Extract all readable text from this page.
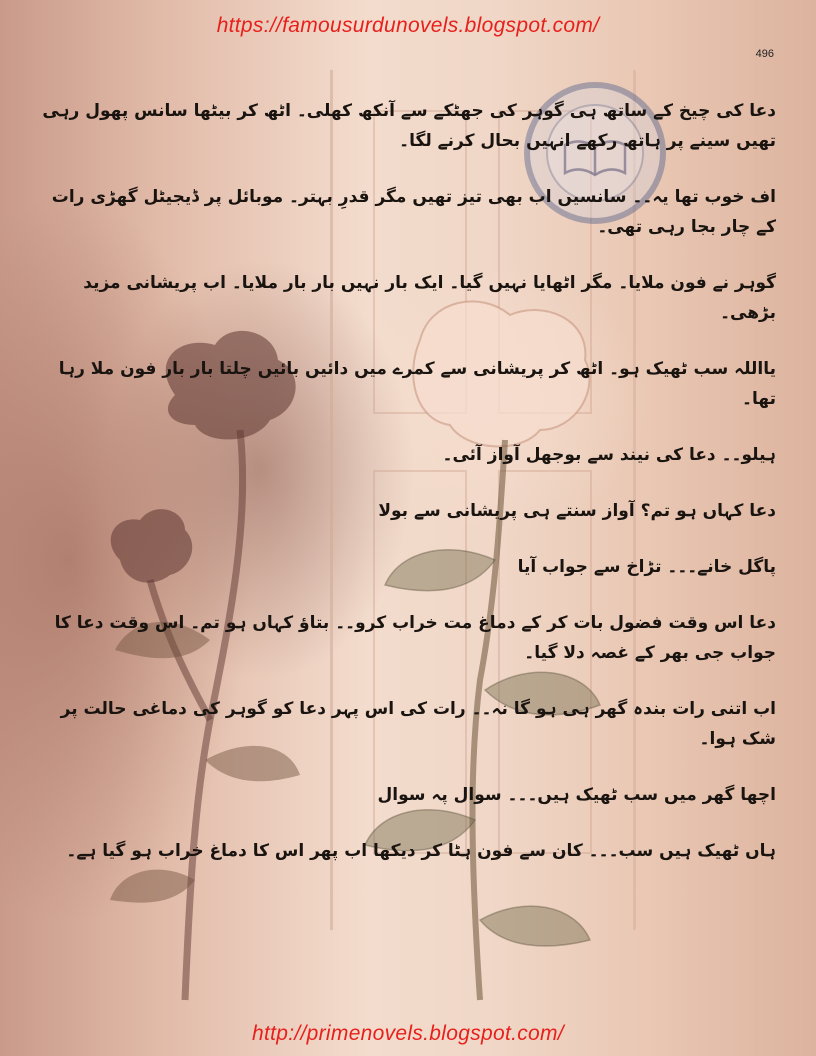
https://famousurdunovels.blogspot.com/
496

دعا کی چیخ کے ساتھ ہی گوہر کی جھٹکے سے آنکھ کھلی۔ اٹھ کر بیٹھا سانس پھول رہی تھیں سینے پر ہاتھ رکھے انہیں بحال کرنے لگا۔

اف خوب تھا یہ۔۔ سانسیں اب بھی تیز تھیں مگر قدرِ بہتر۔ موبائل پر ڈیجیٹل گھڑی رات کے چار بجا رہی تھی۔

گوہر نے فون ملایا۔ مگر اٹھایا نہیں گیا۔ ایک بار نہیں بار بار ملایا۔ اب پریشانی مزید بڑھی۔

یااللہ سب ٹھیک ہو۔ اٹھ کر پریشانی سے کمرے میں دائیں بائیں چلتا بار بار فون ملا رہا تھا۔

ہیلو۔۔ دعا کی نیند سے بوجھل آواز آئی۔

دعا کہاں ہو تم؟ آواز سنتے ہی پریشانی سے بولا

پاگل خانے۔۔۔ تڑاخ سے جواب آیا

دعا اس وقت فضول بات کر کے دماغ مت خراب کرو۔۔ بتاؤ کہاں ہو تم۔ اس وقت دعا کا جواب جی بھر کے غصہ دلا گیا۔

اب اتنی رات بندہ گھر ہی ہو گا نہ۔۔ رات کی اس پہر دعا کو گوہر کی دماغی حالت پر شک ہوا۔

اچھا گھر میں سب ٹھیک ہیں۔۔۔ سوال پہ سوال

ہاں ٹھیک ہیں سب۔۔۔ کان سے فون ہٹا کر دیکھا اب پھر اس کا دماغ خراب ہو گیا ہے۔

http://primenovels.blogspot.com/
